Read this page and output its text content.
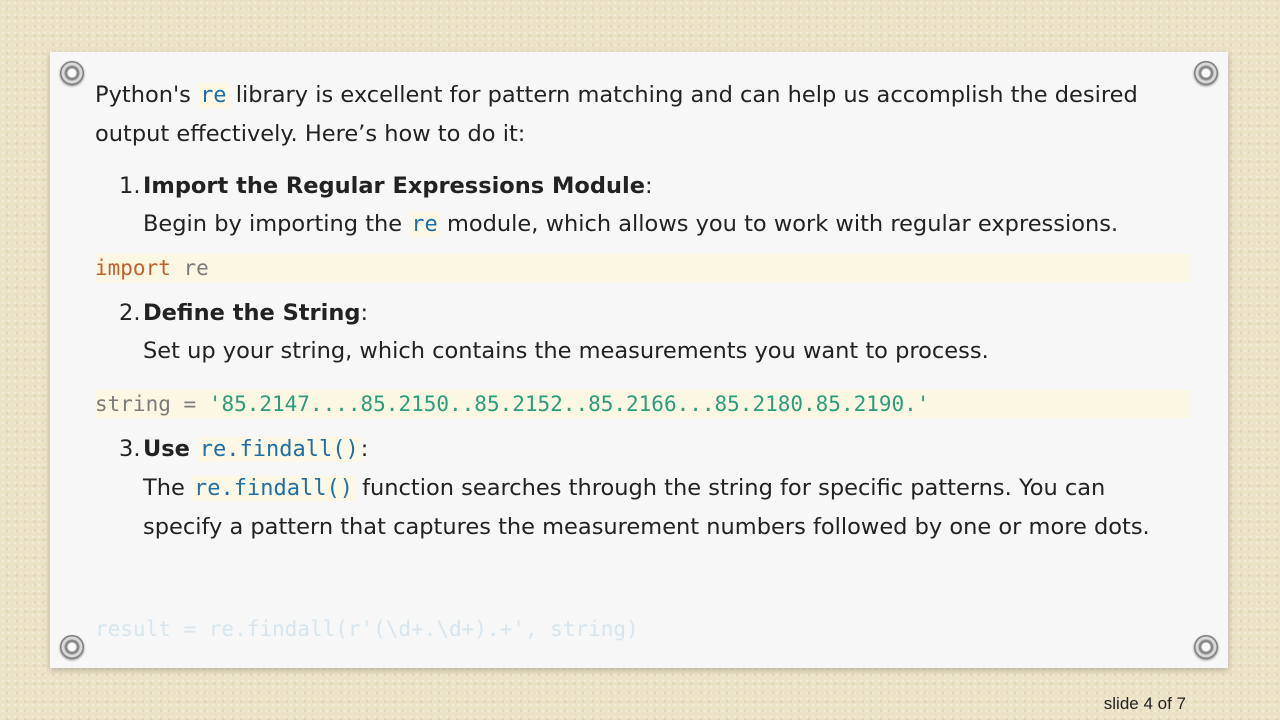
Python's re library is excellent for pattern matching and can help us accomplish the desired output effectively. Here’s how to do it:

1. Import the Regular Expressions Module:
Begin by importing the re module, which allows you to work with regular expressions.
import re
2. Define the String:
Set up your string, which contains the measurements you want to process.
string = '85.2147....85.2150..85.2152..85.2166...85.2180.85.2190.'
3. Use re.findall():
The re.findall() function searches through the string for specific patterns. You can specify a pattern that captures the measurement numbers followed by one or more dots.
result = re.findall(r'(\d+.\d+).+', string)
slide 4 of 7
